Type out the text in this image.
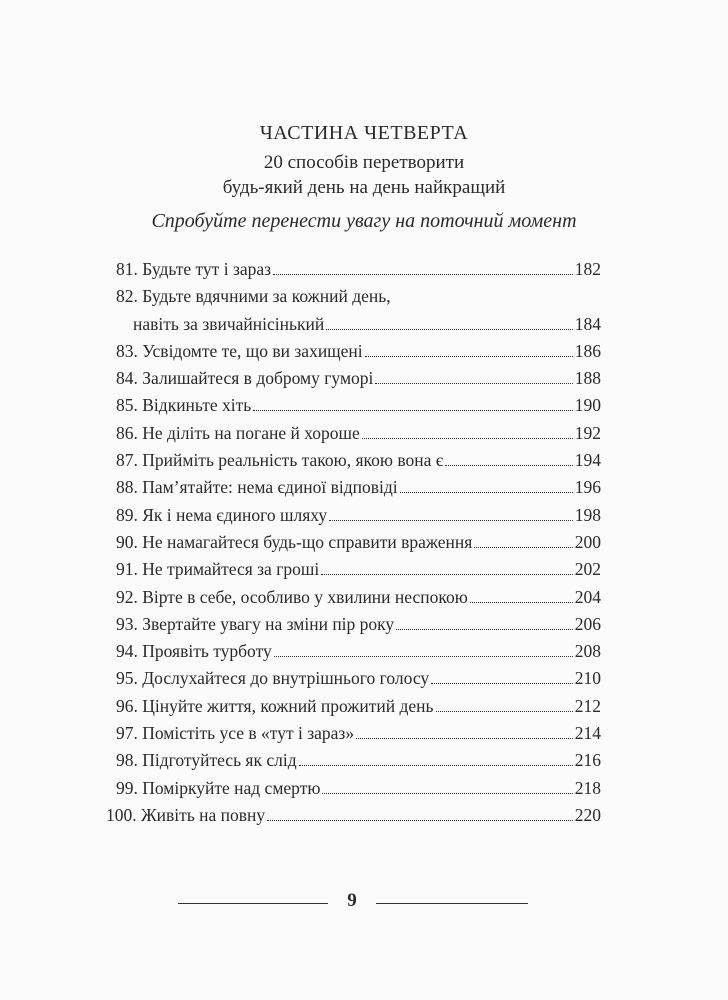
ЧАСТИНА ЧЕТВЕРТА
20 способів перетворити
будь-який день на день найкращий
Спробуйте перенести увагу на поточний момент
81. Будьте тут і зараз	182
82. Будьте вдячними за кожний день,
навіть за звичайнісінький	184
83. Усвідомте те, що ви захищені	186
84. Залишайтеся в доброму гуморі	188
85. Відкиньте хіть	190
86. Не діліть на погане й хороше	192
87. Прийміть реальність такою, якою вона є	194
88. Пам’ятайте: нема єдиної відповіді	196
89. Як і нема єдиного шляху	198
90. Не намагайтеся будь-що справити враження	200
91. Не тримайтеся за гроші	202
92. Вірте в себе, особливо у хвилини неспокою	204
93. Звертайте увагу на зміни пір року	206
94. Проявіть турботу	208
95. Дослухайтеся до внутрішнього голосу	210
96. Цінуйте життя, кожний прожитий день	212
97. Помістіть усе в «тут і зараз»	214
98. Підготуйтесь як слід	216
99. Поміркуйте над смертю	218
100. Живіть на повну	220
9
